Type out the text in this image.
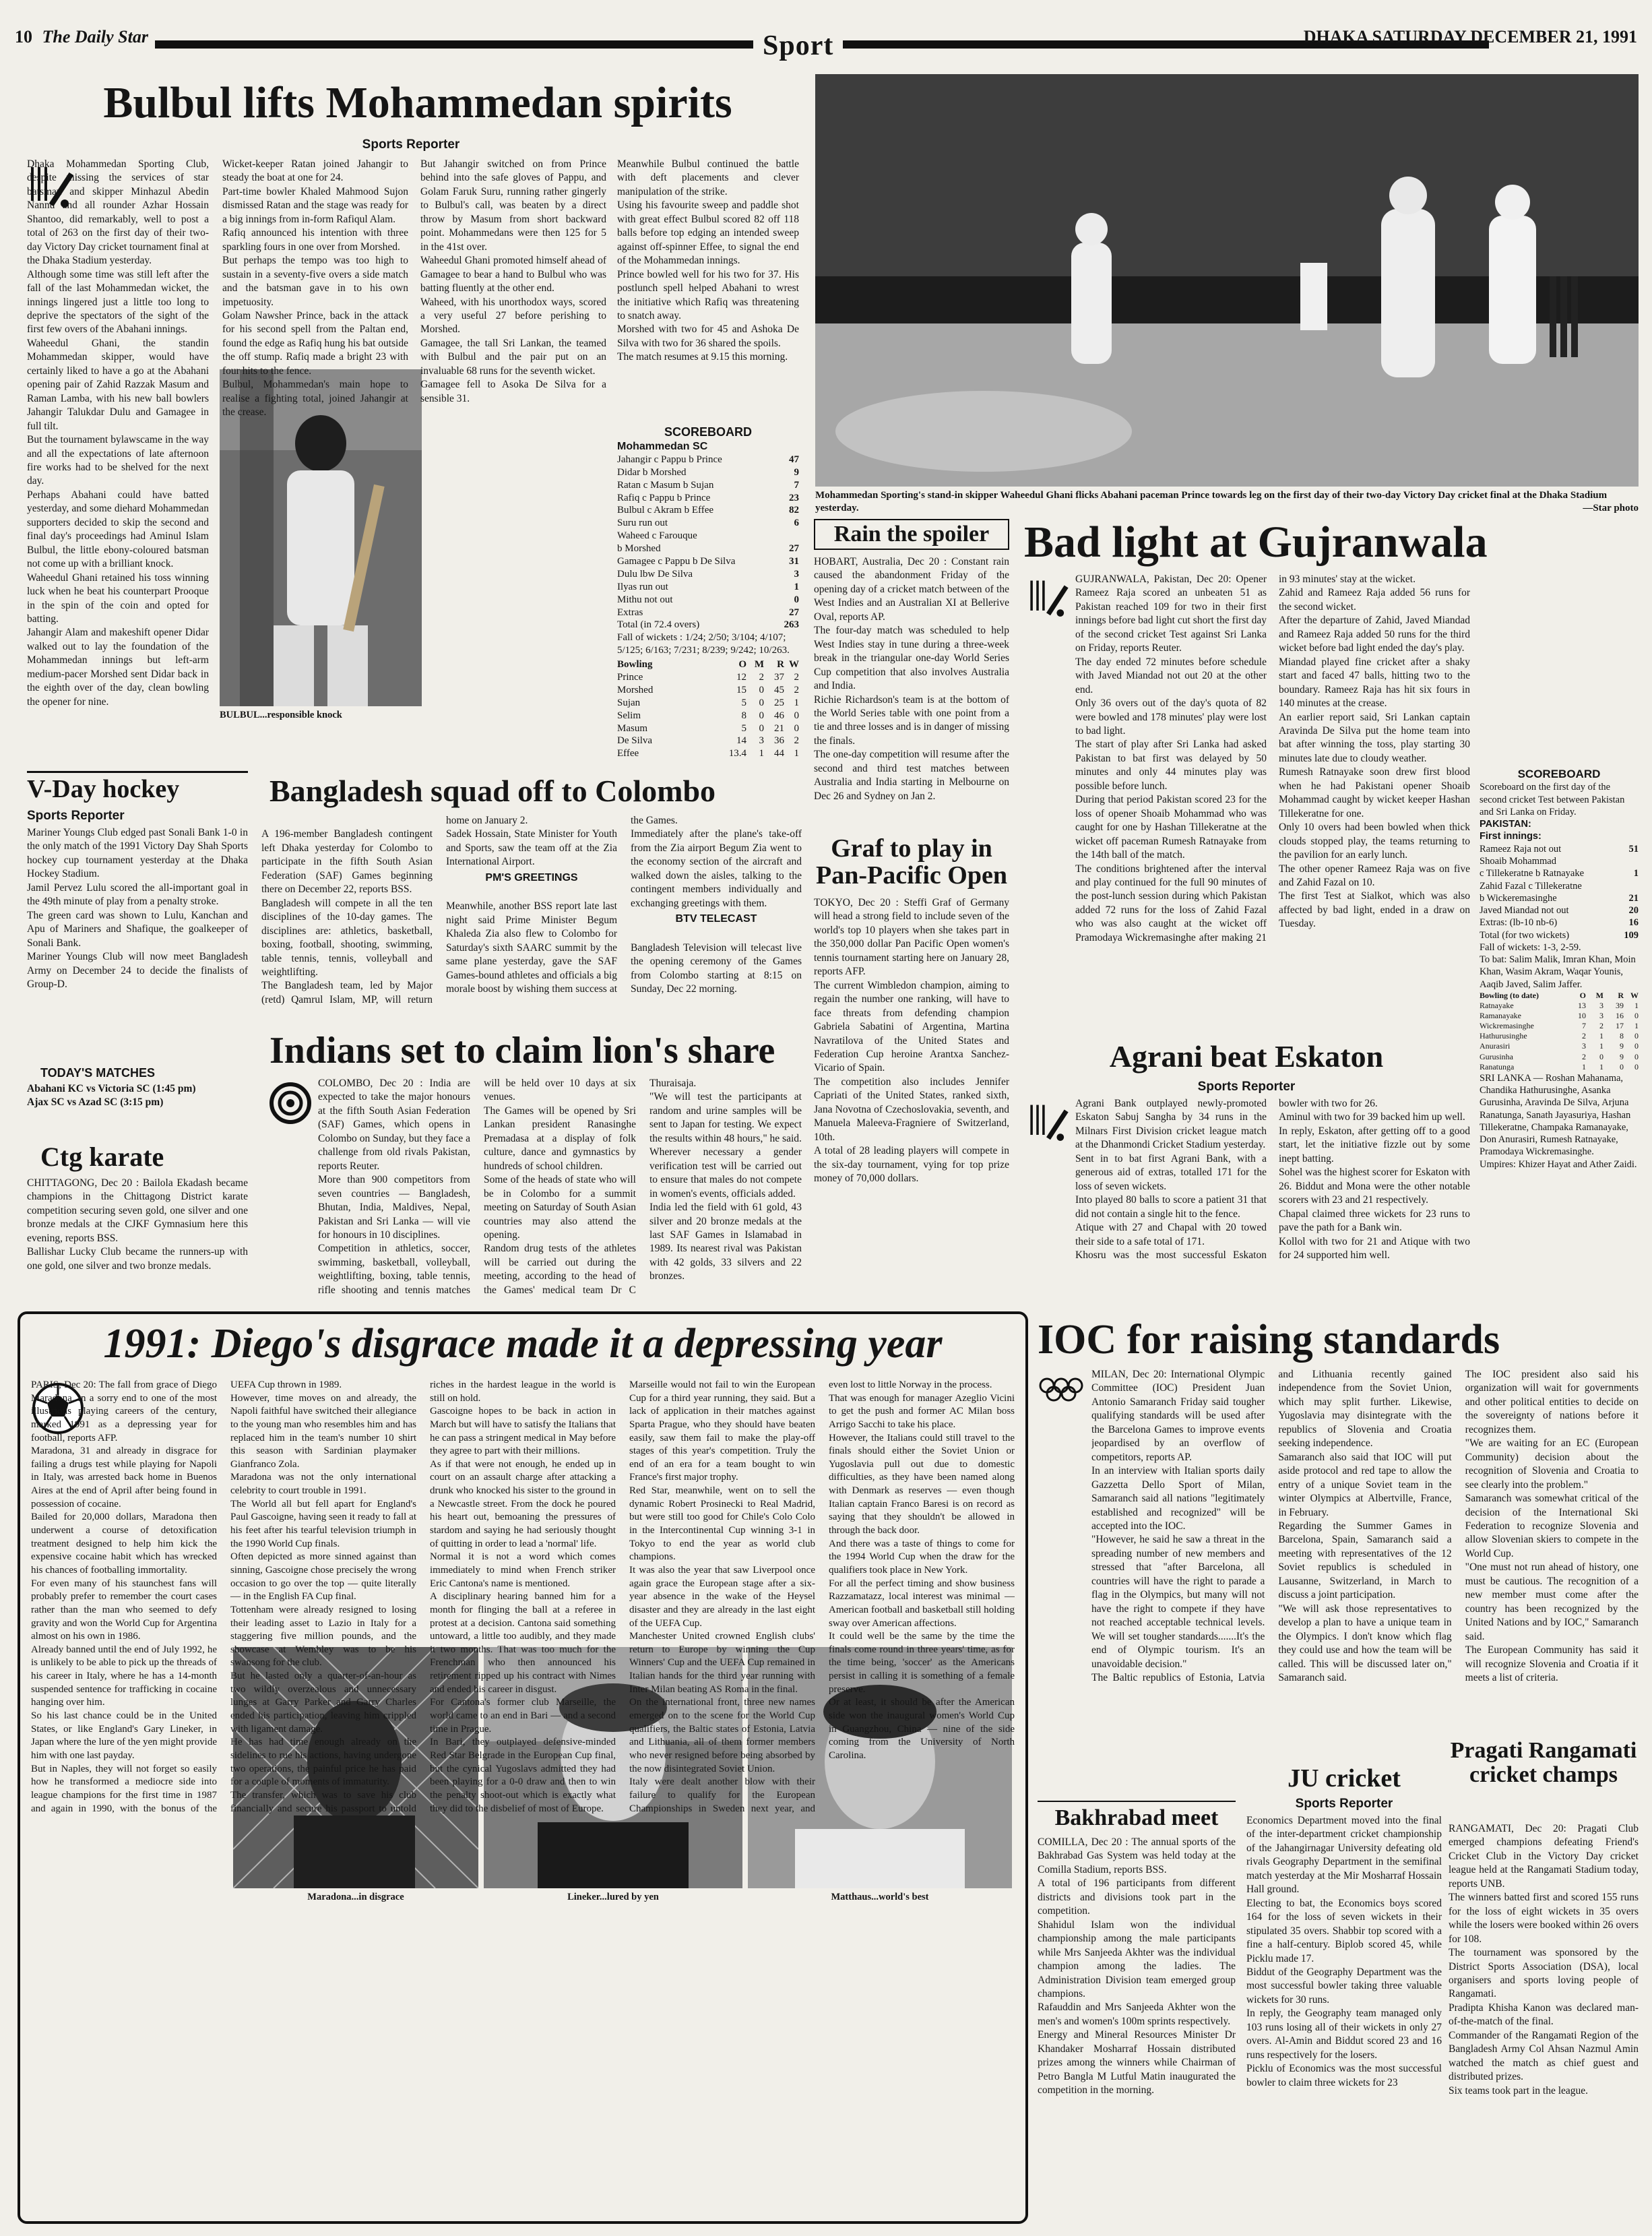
10 The Daily Star	Sport	DHAKA SATURDAY DECEMBER 21, 1991
Bulbul lifts Mohammedan spirits
Sports Reporter
Dhaka Mohammedan Sporting Club, despite missing the services of star batsman and skipper Minhazul Abedin Nannu and all rounder Azhar Hossain Shantoo, did remarkably, well to post a total of 263 on the first day of their two-day Victory Day cricket tournament final at the Dhaka Stadium yesterday.
Although some time was still left after the fall of the last Mohammedan wicket, the innings lingered just a little too long to deprive the spectators of the sight of the first few overs of the Abahani innings.
Waheedul Ghani, the standin Mohammedan skipper, would have certainly liked to have a go at the Abahani opening pair of Zahid Razzak Masum and Raman Lamba, with his new ball bowlers Jahangir Talukdar Dulu and Gamagee in full tilt.
But the tournament bylawscame in the way and all the expectations of late afternoon fire works had to be shelved for the next day.
Perhaps Abahani could have batted yesterday, and some diehard Mohammedan supporters decided to skip the second and final day's proceedings had Aminul Islam Bulbul, the little ebony-coloured batsman not come up with a brilliant knock.
Waheedul Ghani retained his toss winning luck when he beat his counterpart Prooque in the spin of the coin and opted for batting.
Jahangir Alam and makeshift opener Didar walked out to lay the foundation of the Mohammedan innings but left-arm medium-pacer Morshed sent Didar back in the eighth over of the day, clean bowling the opener for nine.
BULBUL...responsible knock
Wicket-keeper Ratan joined Jahangir to steady the boat at one for 24.
Part-time bowler Khaled Mahmood Sujon dismissed Ratan and the stage was ready for a big innings from in-form Rafiqul Alam.
Rafiq announced his intention with three sparkling fours in one over from Morshed.
But perhaps the tempo was too high to sustain in a seventy-five overs a side match and the batsman gave in to his own impetuosity.
Golam Nawsher Prince, back in the attack for his second spell from the Paltan end, found the edge as Rafiq hung his bat outside the off stump. Rafiq made a bright 23 with four hits to the fence.
Bulbul, Mohammedan's main hope to realise a fighting total, joined Jahangir at the crease.
But Jahangir switched on from Prince behind into the safe gloves of Pappu, and Golam Faruk Suru, running rather gingerly to Bulbul's call, was beaten by a direct throw by Masum from short backward point. Mohammedans were then 125 for 5 in the 41st over.
Waheedul Ghani promoted himself ahead of Gamagee to bear a hand to Bulbul who was batting fluently at the other end.
Waheed, with his unorthodox ways, scored a very useful 27 before perishing to Morshed.
Gamagee, the tall Sri Lankan, the teamed with Bulbul and the pair put on an invaluable 68 runs for the seventh wicket.
Gamagee fell to Asoka De Silva for a sensible 31.
Meanwhile Bulbul continued the battle with deft placements and clever manipulation of the strike.
Using his favourite sweep and paddle shot with great effect Bulbul scored 82 off 118 balls before top edging an intended sweep against off-spinner Effee, to signal the end of the Mohammedan innings.
Prince bowled well for his two for 37. His postlunch spell helped Abahani to wrest the initiative which Rafiq was threatening to snatch away.
Morshed with two for 45 and Ashoka De Silva with two for 36 shared the spoils.
The match resumes at 9.15 this morning.
SCOREBOARD
Mohammedan SC
Jahangir c Pappu b Prince	47
Didar b Morshed	9
Ratan c Masum b Sujan	7
Rafiq c Pappu b Prince	23
Bulbul c Akram b Effee	82
Suru run out	6
Waheed c Farouque
b Morshed	27
Gamagee c Pappu b De Silva	31
Dulu lbw De Silva	3
Ilyas run out	1
Mithu not out	0
Extras	27
Total (in 72.4 overs)	263
Fall of wickets : 1/24; 2/50; 3/104; 4/107; 5/125; 6/163; 7/231; 8/239; 9/242; 10/263.
Bowling	O M	R W
Prince	12	2	37 2
Morshed	15	0	45 2
Sujan	5	0	25 1
Selim	8	0	46 0
Masum	5	0	21 0
De Silva	14	3	36 2
Effee	13.4	1	44 1
Mohammedan Sporting's stand-in skipper Waheedul Ghani flicks Abahani paceman Prince towards leg on the first day of their two-day Victory Day cricket final at the Dhaka Stadium yesterday.	—Star photo
Rain the spoiler
HOBART, Australia, Dec 20 : Constant rain caused the abandonment Friday of the opening day of a cricket match between of the West Indies and an Australian XI at Bellerive Oval, reports AP.
The four-day match was scheduled to help West Indies stay in tune during a three-week break in the triangular one-day World Series Cup competition that also involves Australia and India.
Richie Richardson's team is at the bottom of the World Series table with one point from a tie and three losses and is in danger of missing the finals.
The one-day competition will resume after the second and third test matches between Australia and India starting in Melbourne on Dec 26 and Sydney on Jan 2.
Graf to play in Pan-Pacific Open
TOKYO, Dec 20 : Steffi Graf of Germany will head a strong field to include seven of the world's top 10 players when she takes part in the 350,000 dollar Pan Pacific Open women's tennis tournament starting here on January 28, reports AFP.
The current Wimbledon champion, aiming to regain the number one ranking, will have to face threats from defending champion Gabriela Sabatini of Argentina, Martina Navratilova of the United States and Federation Cup heroine Arantxa Sanchez-Vicario of Spain.
The competition also includes Jennifer Capriati of the United States, ranked sixth, Jana Novotna of Czechoslovakia, seventh, and Manuela Maleeva-Fragniere of Switzerland, 10th.
A total of 28 leading players will compete in the six-day tournament, vying for top prize money of 70,000 dollars.
Bad light at Gujranwala
GUJRANWALA, Pakistan, Dec 20: Opener Rameez Raja scored an unbeaten 51 as Pakistan reached 109 for two in their first innings before bad light cut short the first day of the second cricket Test against Sri Lanka on Friday, reports Reuter.
The day ended 72 minutes before schedule with Javed Miandad not out 20 at the other end.
Only 36 overs out of the day's quota of 82 were bowled and 178 minutes' play were lost to bad light.
The start of play after Sri Lanka had asked Pakistan to bat first was delayed by 50 minutes and only 44 minutes play was possible before lunch.
During that period Pakistan scored 23 for the loss of opener Shoaib Mohammad who was caught for one by Hashan Tillekeratne at the wicket off paceman Rumesh Ratnayake from the 14th ball of the match.
The conditions brightened after the interval and play continued for the full 90 minutes of the post-lunch session during which Pakistan added 72 runs for the loss of Zahid Fazal who was also caught at the wicket off Pramodaya Wickremasinghe after making 21 in 93 minutes' stay at the wicket.
Zahid and Rameez Raja added 56 runs for the second wicket.
After the departure of Zahid, Javed Miandad and Rameez Raja added 50 runs for the third wicket before bad light ended the day's play.
Miandad played fine cricket after a shaky start and faced 47 balls, hitting two to the boundary. Rameez Raja has hit six fours in 140 minutes at the crease.
An earlier report said, Sri Lankan captain Aravinda De Silva put the home team into bat after winning the toss, play starting 30 minutes late due to cloudy weather.
Rumesh Ratnayake soon drew first blood when he had Pakistani opener Shoaib Mohammad caught by wicket keeper Hashan Tillekeratne for one.
Only 10 overs had been bowled when thick clouds stopped play, the teams returning to the pavilion for an early lunch.
The other opener Rameez Raja was on five and Zahid Fazal on 10.
The first Test at Sialkot, which was also affected by bad light, ended in a draw on Tuesday.
SCOREBOARD
Scoreboard on the first day of the second cricket Test between Pakistan and Sri Lanka on Friday.
PAKISTAN:
First innings:
Rameez Raja not out	51
Shoaib Mohammad
c Tillekeratne b Ratnayake	1
Zahid Fazal c Tillekeratne
b Wickeremasinghe	21
Javed Miandad not out	20
Extras: (lb-10 nb-6)	16
Total (for two wickets)	109
Fall of wickets: 1-3, 2-59.
To bat: Salim Malik, Imran Khan, Moin Khan, Wasim Akram, Waqar Younis, Aaqib Javed, Salim Jaffer.
Bowling (to date)	O	M	R W
Ratnayake	13	3	39	1
Ramanayake	10	3	16	0
Wickremasinghe	7	2	17	1
Hathurusinghe	2	1	8	0
Anurasiri	3	1	9	0
Gurusinha	2	0	9	0
Ranatunga	1	1	0	0
SRI LANKA — Roshan Mahanama, Chandika Hathurusinghe, Asanka Gurusinha, Aravinda De Silva, Arjuna Ranatunga, Sanath Jayasuriya, Hashan Tillekeratne, Champaka Ramanayake, Don Anurasiri, Rumesh Ratnayake, Pramodaya Wickremasinghe.
Umpires: Khizer Hayat and Ather Zaidi.
V-Day hockey
Sports Reporter
Mariner Youngs Club edged past Sonali Bank 1-0 in the only match of the 1991 Victory Day Shah Sports hockey cup tournament yesterday at the Dhaka Hockey Stadium.
Jamil Pervez Lulu scored the all-important goal in the 49th minute of play from a penalty stroke.
The green card was shown to Lulu, Kanchan and Apu of Mariners and Shafique, the goalkeeper of Sonali Bank.
Mariner Youngs Club will now meet Bangladesh Army on December 24 to decide the finalists of Group-D.
TODAY'S MATCHES
Abahani KC vs Victoria SC (1:45 pm)
Ajax SC vs Azad SC (3:15 pm)
Ctg karate
CHITTAGONG, Dec 20 : Bailola Ekadash became champions in the Chittagong District karate competition securing seven gold, one silver and one bronze medals at the CJKF Gymnasium here this evening, reports BSS.
Ballishar Lucky Club became the runners-up with one gold, one silver and two bronze medals.
Bangladesh squad off to Colombo

A 196-member Bangladesh contingent left Dhaka yesterday for Colombo to participate in the fifth South Asian Federation (SAF) Games beginning there on December 22, reports BSS.
Bangladesh will compete in all the ten disciplines of the 10-day games. The disciplines are: athletics, basketball, boxing, football, shooting, swimming, table tennis, tennis, volleyball and weightlifting.
The Bangladesh team, led by Major (retd) Qamrul Islam, MP, will return home on January 2.
Sadek Hossain, State Minister for Youth and Sports, saw the team off at the Zia International Airport.

PM'S GREETINGS

Meanwhile, another BSS report late last night said Prime Minister Begum Khaleda Zia also flew to Colombo for Saturday's sixth SAARC summit by the same plane yesterday, gave the SAF Games-bound athletes and officials a big morale boost by wishing them success at the Games.
Immediately after the plane's take-off from the Zia airport Begum Zia went to the economy section of the aircraft and walked down the aisles, talking to the contingent members individually and exchanging greetings with them.

BTV TELECAST

Bangladesh Television will telecast live the opening ceremony of the Games from Colombo starting at 8:15 on Sunday, Dec 22 morning.

Indians set to claim lion's share
COLOMBO, Dec 20 : India are expected to take the major honours at the fifth South Asian Federation (SAF) Games, which opens in Colombo on Sunday, but they face a challenge from old rivals Pakistan, reports Reuter.
More than 900 competitors from seven countries — Bangladesh, Bhutan, India, Maldives, Nepal, Pakistan and Sri Lanka — will vie for honours in 10 disciplines.
Competition in athletics, soccer, swimming, basketball, volleyball, weightlifting, boxing, table tennis, rifle shooting and tennis matches will be held over 10 days at six venues.
The Games will be opened by Sri Lankan president Ranasinghe Premadasa at a display of folk culture, dance and gymnastics by hundreds of school children.
Some of the heads of state who will be in Colombo for a summit meeting on Saturday of South Asian countries may also attend the opening.
Random drug tests of the athletes will be carried out during the meeting, according to the head of the Games' medical team Dr C Thuraisaja.
"We will test the participants at random and urine samples will be sent to Japan for testing. We expect the results within 48 hours," he said.
Wherever necessary a gender verification test will be carried out to ensure that males do not compete in women's events, officials added.
India led the field with 61 gold, 43 silver and 20 bronze medals at the last SAF Games in Islamabad in 1989. Its nearest rival was Pakistan with 42 golds, 33 silvers and 22 bronzes.
Agrani beat Eskaton
Sports Reporter
Agrani Bank outplayed newly-promoted Eskaton Sabuj Sangha by 34 runs in the Milnars First Division cricket league match at the Dhanmondi Cricket Stadium yesterday.
Sent in to bat first Agrani Bank, with a generous aid of extras, totalled 171 for the loss of seven wickets.
Into played 80 balls to score a patient 31 that did not contain a single hit to the fence.
Atique with 27 and Chapal with 20 towed their side to a safe total of 171.
Khosru was the most successful Eskaton bowler with two for 26.
Aminul with two for 39 backed him up well.
In reply, Eskaton, after getting off to a good start, let the initiative fizzle out by some inept batting.
Sohel was the highest scorer for Eskaton with 26. Biddut and Mona were the other notable scorers with 23 and 21 respectively.
Chapal claimed three wickets for 23 runs to pave the path for a Bank win.
Kollol with two for 21 and Atique with two for 24 supported him well.
1991: Diego's disgrace made it a depressing year
Maradona...in disgrace	Lineker...lured by yen	Matthaus...world's best
PARIS, Dec 20: The fall from grace of Diego Maradona, in a sorry end to one of the most illustrious playing careers of the century, marked 1991 as a depressing year for football, reports AFP.
Maradona, 31 and already in disgrace for failing a drugs test while playing for Napoli in Italy, was arrested back home in Buenos Aires at the end of April after being found in possession of cocaine.
Bailed for 20,000 dollars, Maradona then underwent a course of detoxification treatment designed to help him kick the expensive cocaine habit which has wrecked his chances of footballing immortality.
For even many of his staunchest fans will probably prefer to remember the court cases rather than the man who seemed to defy gravity and won the World Cup for Argentina almost on his own in 1986.
Already banned until the end of July 1992, he is unlikely to be able to pick up the threads of his career in Italy, where he has a 14-month suspended sentence for trafficking in cocaine hanging over him.
So his last chance could be in the United States, or like England's Gary Lineker, in Japan where the lure of the yen might provide him with one last payday.
But in Naples, they will not forget so easily how he transformed a mediocre side into league champions for the first time in 1987 and again in 1990, with the bonus of the UEFA Cup thrown in 1989.
However, time moves on and already, the Napoli faithful have switched their allegiance to the young man who resembles him and has replaced him in the team's number 10 shirt this season with Sardinian playmaker Gianfranco Zola.
Maradona was not the only international celebrity to court trouble in 1991.
The World all but fell apart for England's Paul Gascoigne, having seen it ready to fall at his feet after his tearful television triumph in the 1990 World Cup finals.
Often depicted as more sinned against than sinning, Gascoigne chose precisely the wrong occasion to go over the top — quite literally — in the English FA Cup final.
Tottenham were already resigned to losing their leading asset to Lazio in Italy for a staggering five million pounds, and the showcase at Wembley was to be his swansong for the club.
But he lasted only a quarter-of-an-hour as two wildly overzealous and unnecessary lunges at Garry Parker and Garry Charles ended his participation, leaving him crippled with ligament damage.
He has had time enough already on the sidelines to rue his actions, having undergone two operations, the painful price he has paid for a couple of moments of immaturity.
The transfer, which was to save his club financially and secure his passport to untold riches in the hardest league in the world is still on hold.
Gascoigne hopes to be back in action in March but will have to satisfy the Italians that he can pass a stringent medical in May before they agree to part with their millions.
As if that were not enough, he ended up in court on an assault charge after attacking a drunk who knocked his sister to the ground in a Newcastle street. From the dock he poured his heart out, bemoaning the pressures of stardom and saying he had seriously thought of quitting in order to lead a 'normal' life.
Normal it is not a word which comes immediately to mind when French striker Eric Cantona's name is mentioned.
A disciplinary hearing banned him for a month for flinging the ball at a referee in protest at a decision. Cantona said something untoward, a little too audibly, and they made it two months. That was too much for the Frenchman who then announced his retirement ripped up his contract with Nimes and ended his career in disgust.
For Cantona's former club Marseille, the world came to an end in Bari — and a second time in Prague.
In Bari, they outplayed defensive-minded Red Star Belgrade in the European Cup final, but the cynical Yugoslavs admitted they had been playing for a 0-0 draw and then to win the penalty shoot-out which is exactly what they did to the disbelief of most of Europe.
Marseille would not fail to win the European Cup for a third year running, they said. But a lack of application in their matches against Sparta Prague, who they should have beaten easily, saw them fail to make the play-off stages of this year's competition. Truly the end of an era for a team bought to win France's first major trophy.
Red Star, meanwhile, went on to sell the dynamic Robert Prosinecki to Real Madrid, but were still too good for Chile's Colo Colo in the Intercontinental Cup winning 3-1 in Tokyo to end the year as world club champions.
It was also the year that saw Liverpool once again grace the European stage after a six-year absence in the wake of the Heysel disaster and they are already in the last eight of the UEFA Cup.
Manchester United crowned English clubs' return to Europe by winning the Cup Winners' Cup and the UEFA Cup remained in Italian hands for the third year running with Inter Milan beating AS Roma in the final.
On the international front, three new names emerged on to the scene for the World Cup qualifiers, the Baltic states of Estonia, Latvia and Lithuania, all of them former members who never resigned before being absorbed by the now disintegrated Soviet Union.
Italy were dealt another blow with their failure to qualify for the European Championships in Sweden next year, and even lost to little Norway in the process.
That was enough for manager Azeglio Vicini to get the push and former AC Milan boss Arrigo Sacchi to take his place.
However, the Italians could still travel to the finals should either the Soviet Union or Yugoslavia pull out due to domestic difficulties, as they have been named along with Denmark as reserves — even though Italian captain Franco Baresi is on record as saying that they shouldn't be allowed in through the back door.
And there was a taste of things to come for the 1994 World Cup when the draw for the qualifiers took place in New York.
For all the perfect timing and show business Razzamatazz, local interest was minimal — American football and basketball still holding sway over American affections.
It could well be the same by the time the finals come round in three years' time, as for the time being, 'soccer' as the Americans persist in calling it is something of a female preserve.
Or at least, it should be after the American side won the inaugural women's World Cup in Guangzhou, China — nine of the side coming from the University of North Carolina.
IOC for raising standards
MILAN, Dec 20: International Olympic Committee (IOC) President Juan Antonio Samaranch Friday said tougher qualifying standards will be used after the Barcelona Games to improve events jeopardised by an overflow of competitors, reports AP.
In an interview with Italian sports daily Gazzetta Dello Sport of Milan, Samaranch said all nations "legitimately established and recognized" will be accepted into the IOC.
"However, he said he saw a threat in the spreading number of new members and stressed that "after Barcelona, all countries will have the right to parade a flag in the Olympics, but many will not have the right to compete if they have not reached acceptable technical levels. We will set tougher standards.......It's the end of Olympic tourism. It's an unavoidable decision."
The Baltic republics of Estonia, Latvia and Lithuania recently gained independence from the Soviet Union, which may split further. Likewise, Yugoslavia may disintegrate with the republics of Slovenia and Croatia seeking independence.
Samaranch also said that IOC will put aside protocol and red tape to allow the entry of a unique Soviet team in the winter Olympics at Albertville, France, in February.
Regarding the Summer Games in Barcelona, Spain, Samaranch said a meeting with representatives of the 12 Soviet republics is scheduled in Lausanne, Switzerland, in March to discuss a joint participation.
"We will ask those representatives to develop a plan to have a unique team in the Olympics. I don't know which flag they could use and how the team will be called. This will be discussed later on," Samaranch said.
The IOC president also said his organization will wait for governments and other political entities to decide on the sovereignty of nations before it recognizes them.
"We are waiting for an EC (European Community) decision about the recognition of Slovenia and Croatia to see clearly into the problem."
Samaranch was somewhat critical of the decision of the International Ski Federation to recognize Slovenia and allow Slovenian skiers to compete in the World Cup.
"One must not run ahead of history, one must be cautious. The recognition of a new member must come after the country has been recognized by the United Nations and by IOC," Samaranch said.
The European Community has said it will recognize Slovenia and Croatia if it meets a list of criteria.
Bakhrabad meet
COMILLA, Dec 20 : The annual sports of the Bakhrabad Gas System was held today at the Comilla Stadium, reports BSS.
A total of 196 participants from different districts and divisions took part in the competition.
Shahidul Islam won the individual championship among the male participants while Mrs Sanjeeda Akhter was the individual champion among the ladies. The Administration Division team emerged group champions.
Rafauddin and Mrs Sanjeeda Akhter won the men's and women's 100m sprints respectively.
Energy and Mineral Resources Minister Dr Khandaker Mosharraf Hossain distributed prizes among the winners while Chairman of Petro Bangla M Lutful Matin inaugurated the competition in the morning.
JU cricket
Sports Reporter
Economics Department moved into the final of the inter-department cricket championship of the Jahangirnagar University defeating old rivals Geography Department in the semifinal match yesterday at the Mir Mosharraf Hossain Hall ground.
Electing to bat, the Economics boys scored 164 for the loss of seven wickets in their stipulated 35 overs. Shabbir top scored with a fine a half-century. Biplob scored 45, while Picklu made 17.
Biddut of the Geography Department was the most successful bowler taking three valuable wickets for 30 runs.
In reply, the Geography team managed only 103 runs losing all of their wickets in only 27 overs. Al-Amin and Biddut scored 23 and 16 runs respectively for the losers.
Picklu of Economics was the most successful bowler to claim three wickets for 23
Pragati Rangamati cricket champs
RANGAMATI, Dec 20: Pragati Club emerged champions defeating Friend's Cricket Club in the Victory Day cricket league held at the Rangamati Stadium today, reports UNB.
The winners batted first and scored 155 runs for the loss of eight wickets in 35 overs while the losers were booked within 26 overs for 108.
The tournament was sponsored by the District Sports Association (DSA), local organisers and sports loving people of Rangamati.
Pradipta Khisha Kanon was declared man-of-the-match of the final.
Commander of the Rangamati Region of the Bangladesh Army Col Ahsan Nazmul Amin watched the match as chief guest and distributed prizes.
Six teams took part in the league.
